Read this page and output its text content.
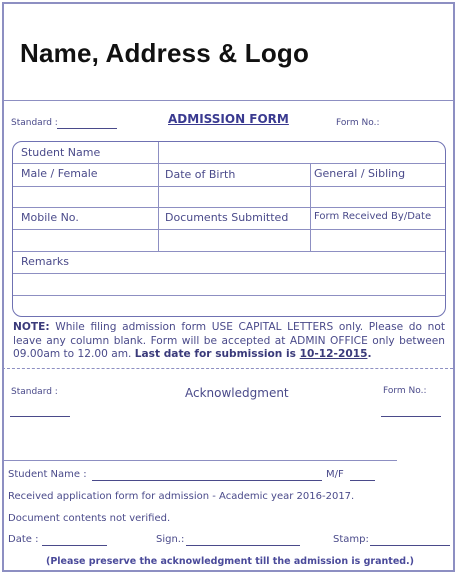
Name, Address & Logo
Standard :	ADMISSION FORM	Form No.:
Student Name
Male / Female	Date of Birth	General / Sibling
Mobile No.	Documents Submitted	Form Received By/Date
Remarks
NOTE: While filing admission form USE CAPITAL LETTERS only. Please do not leave any column blank. Form will be accepted at ADMIN OFFICE only between 09.00am to 12.00 am. Last date for submission is 10-12-2015.
Standard :	Acknowledgment	Form No.:
Student Name :	M/F
Received application form for admission - Academic year 2016-2017.
Document contents not verified.
Date :	Sign.:	Stamp:
(Please preserve the acknowledgment till the admission is granted.)
